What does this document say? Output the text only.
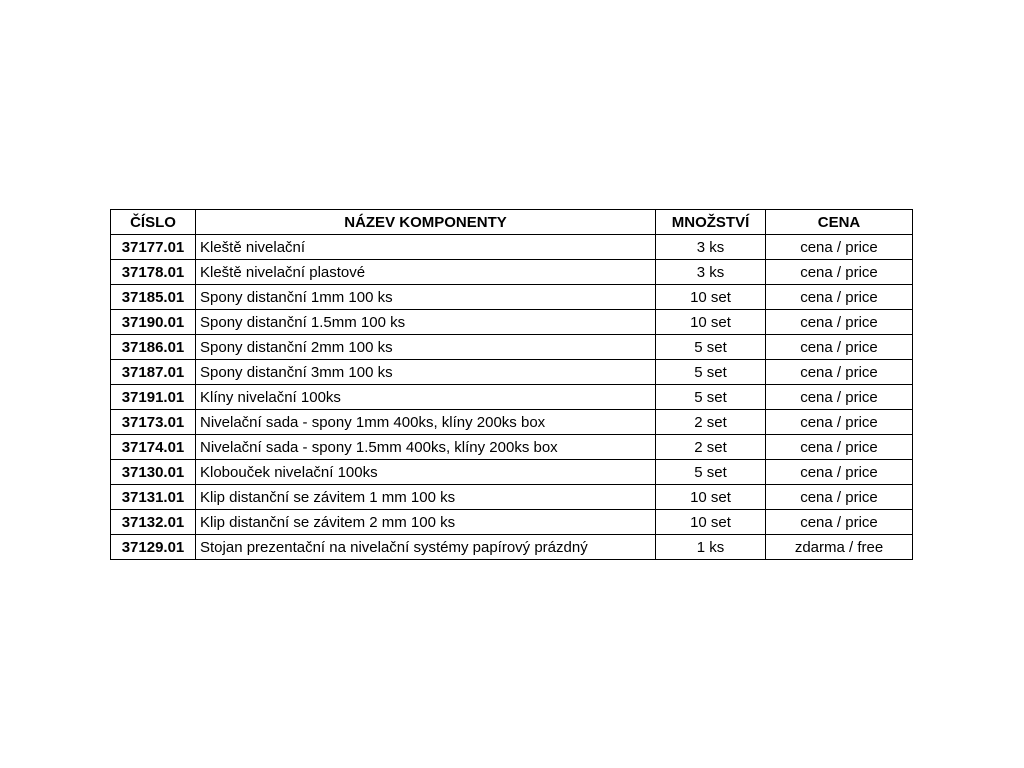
ČÍSLO	NÁZEV KOMPONENTY	MNOŽSTVÍ	CENA
37177.01	Kleště nivelační	3 ks	cena / price
37178.01	Kleště nivelační plastové	3 ks	cena / price
37185.01	Spony distanční 1mm 100 ks	10 set	cena / price
37190.01	Spony distanční 1.5mm 100 ks	10 set	cena / price
37186.01	Spony distanční 2mm 100 ks	5 set	cena / price
37187.01	Spony distanční 3mm 100 ks	5 set	cena / price
37191.01	Klíny nivelační 100ks	5 set	cena / price
37173.01	Nivelační sada - spony 1mm 400ks, klíny 200ks box	2 set	cena / price
37174.01	Nivelační sada - spony 1.5mm 400ks, klíny 200ks box	2 set	cena / price
37130.01	Klobouček nivelační 100ks	5 set	cena / price
37131.01	Klip distanční se závitem 1 mm 100 ks	10 set	cena / price
37132.01	Klip distanční se závitem 2 mm 100 ks	10 set	cena / price
37129.01	Stojan prezentační na nivelační systémy papírový prázdný	1 ks	zdarma / free
